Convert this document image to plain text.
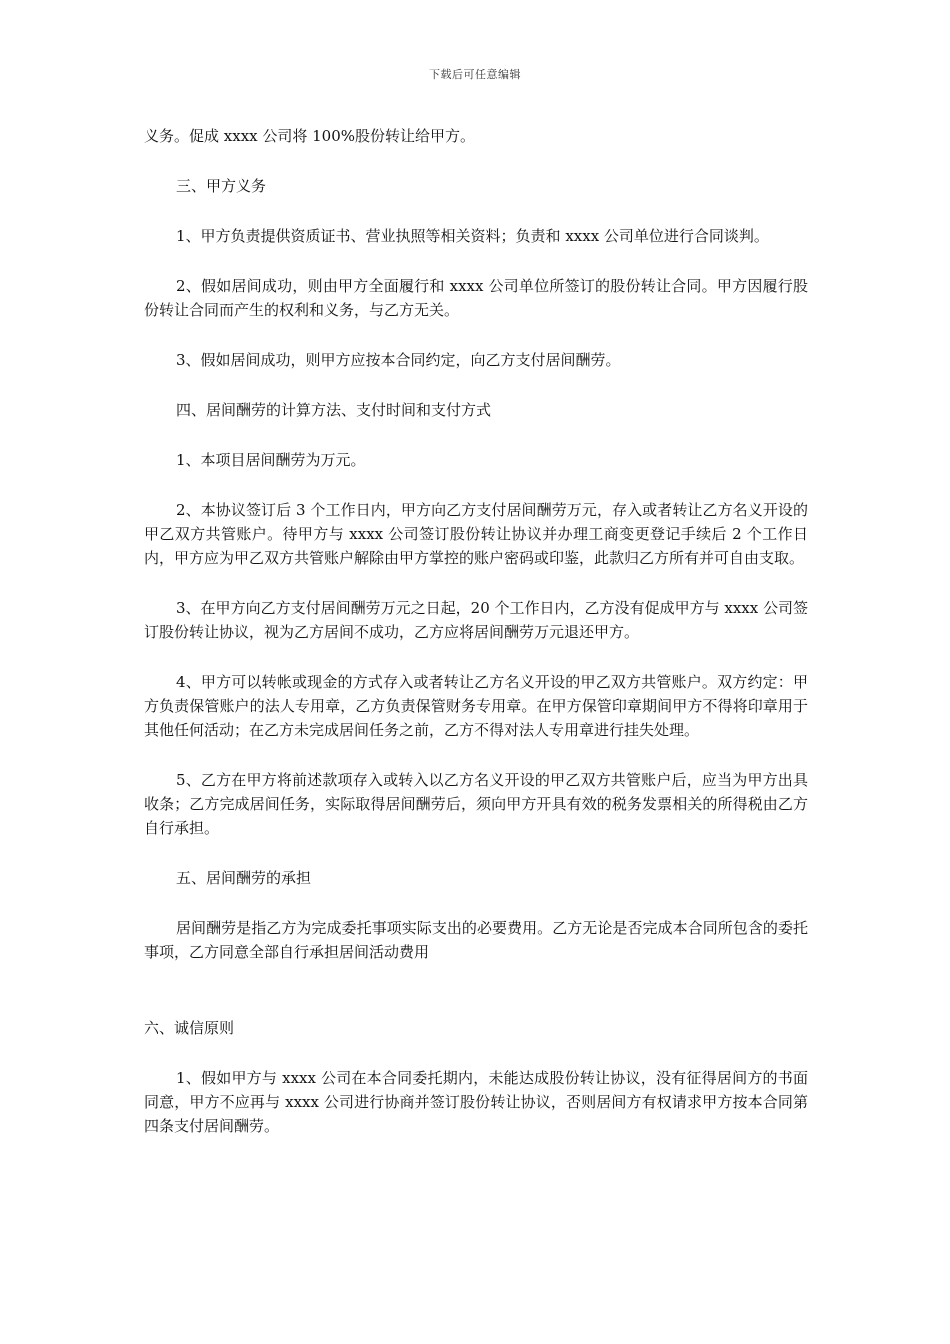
下载后可任意编辑

义务。促成 xxxx 公司将 100%股份转让给甲方。

三、甲方义务

1、甲方负责提供资质证书、营业执照等相关资料；负责和 xxxx 公司单位进行合同谈判。

2、假如居间成功，则由甲方全面履行和 xxxx 公司单位所签订的股份转让合同。甲方因履行股份转让合同而产生的权利和义务，与乙方无关。

3、假如居间成功，则甲方应按本合同约定，向乙方支付居间酬劳。

四、居间酬劳的计算方法、支付时间和支付方式

1、本项目居间酬劳为万元。

2、本协议签订后 3 个工作日内，甲方向乙方支付居间酬劳万元，存入或者转让乙方名义开设的甲乙双方共管账户。待甲方与 xxxx 公司签订股份转让协议并办理工商变更登记手续后 2 个工作日内，甲方应为甲乙双方共管账户解除由甲方掌控的账户密码或印鉴，此款归乙方所有并可自由支取。

3、在甲方向乙方支付居间酬劳万元之日起，20 个工作日内，乙方没有促成甲方与 xxxx 公司签订股份转让协议，视为乙方居间不成功，乙方应将居间酬劳万元退还甲方。

4、甲方可以转帐或现金的方式存入或者转让乙方名义开设的甲乙双方共管账户。双方约定：甲方负责保管账户的法人专用章，乙方负责保管财务专用章。在甲方保管印章期间甲方不得将印章用于其他任何活动；在乙方未完成居间任务之前，乙方不得对法人专用章进行挂失处理。

5、乙方在甲方将前述款项存入或转入以乙方名义开设的甲乙双方共管账户后，应当为甲方出具收条；乙方完成居间任务，实际取得居间酬劳后，须向甲方开具有效的税务发票相关的所得税由乙方自行承担。

五、居间酬劳的承担

居间酬劳是指乙方为完成委托事项实际支出的必要费用。乙方无论是否完成本合同所包含的委托事项，乙方同意全部自行承担居间活动费用

六、诚信原则

1、假如甲方与 xxxx 公司在本合同委托期内，未能达成股份转让协议，没有征得居间方的书面同意，甲方不应再与 xxxx 公司进行协商并签订股份转让协议，否则居间方有权请求甲方按本合同第四条支付居间酬劳。
